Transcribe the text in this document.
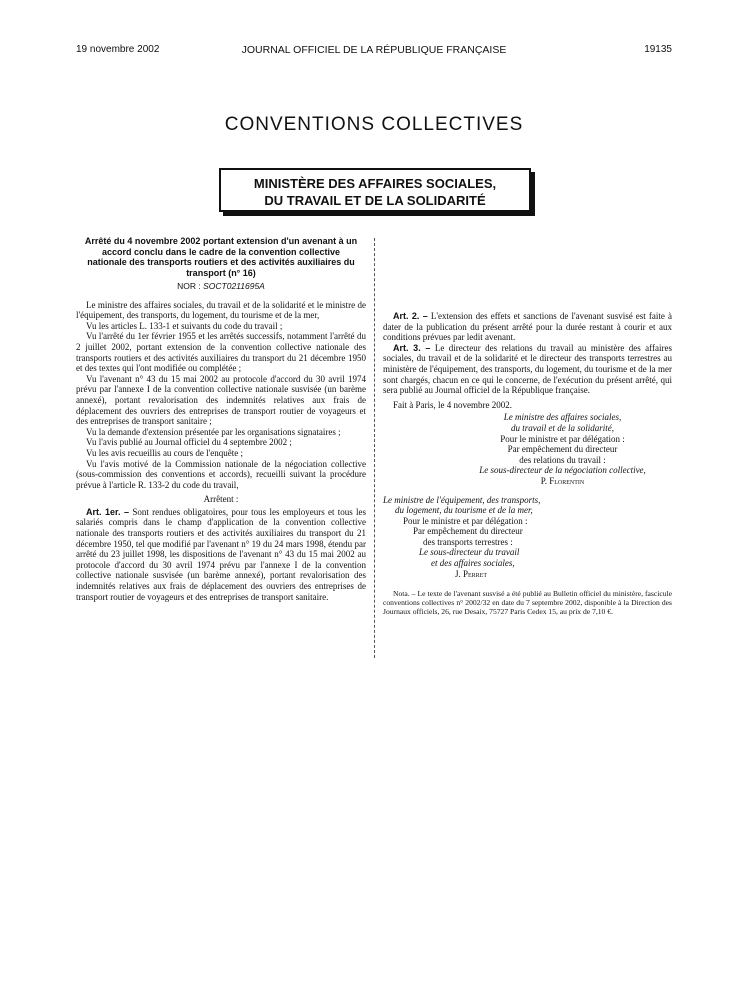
19 novembre 2002	JOURNAL OFFICIEL DE LA RÉPUBLIQUE FRANÇAISE	19135
CONVENTIONS COLLECTIVES
MINISTÈRE DES AFFAIRES SOCIALES,
DU TRAVAIL ET DE LA SOLIDARITÉ
Arrêté du 4 novembre 2002 portant extension d'un avenant à un accord conclu dans le cadre de la convention collective nationale des transports routiers et des activités auxiliaires du transport (n° 16)
NOR : SOCT0211695A

Le ministre des affaires sociales, du travail et de la solidarité et le ministre de l'équipement, des transports, du logement, du tourisme et de la mer,

Vu les articles L. 133-1 et suivants du code du travail ;

Vu l'arrêté du 1er février 1955 et les arrêtés successifs, notamment l'arrêté du 2 juillet 2002, portant extension de la convention collective nationale des transports routiers et des activités auxiliaires du transport du 21 décembre 1950 et des textes qui l'ont modifiée ou complétée ;

Vu l'avenant n° 43 du 15 mai 2002 au protocole d'accord du 30 avril 1974 prévu par l'annexe I de la convention collective nationale susvisée (un barème annexé), portant revalorisation des indemnités relatives aux frais de déplacement des ouvriers des entreprises de transport routier de voyageurs et des entreprises de transport sanitaire ;

Vu la demande d'extension présentée par les organisations signataires ;

Vu l'avis publié au Journal officiel du 4 septembre 2002 ;

Vu les avis recueillis au cours de l'enquête ;

Vu l'avis motivé de la Commission nationale de la négociation collective (sous-commission des conventions et accords), recueilli suivant la procédure prévue à l'article R. 133-2 du code du travail,

Arrêtent :

Art. 1er. – Sont rendues obligatoires, pour tous les employeurs et tous les salariés compris dans le champ d'application de la convention collective nationale des transports routiers et des activités auxiliaires du transport du 21 décembre 1950, tel que modifié par l'avenant n° 19 du 24 mars 1998, étendu par arrêté du 23 juillet 1998, les dispositions de l'avenant n° 43 du 15 mai 2002 au protocole d'accord du 30 avril 1974 prévu par l'annexe I de la convention collective nationale susvisée (un barème annexé), portant revalorisation des indemnités relatives aux frais de déplacement des ouvriers des entreprises de transport routier de voyageurs et des entreprises de transport sanitaire.

Art. 2. – L'extension des effets et sanctions de l'avenant susvisé est faite à dater de la publication du présent arrêté pour la durée restant à courir et aux conditions prévues par ledit avenant.

Art. 3. – Le directeur des relations du travail au ministère des affaires sociales, du travail et de la solidarité et le directeur des transports terrestres au ministère de l'équipement, des transports, du logement, du tourisme et de la mer sont chargés, chacun en ce qui le concerne, de l'exécution du présent arrêté, qui sera publié au Journal officiel de la République française.

Fait à Paris, le 4 novembre 2002.
Le ministre des affaires sociales,
du travail et de la solidarité,
Pour le ministre et par délégation :
Par empêchement du directeur
des relations du travail :
Le sous-directeur de la négociation collective,
P. Florentin
Le ministre de l'équipement, des transports,
du logement, du tourisme et de la mer,
Pour le ministre et par délégation :
Par empêchement du directeur
des transports terrestres :
Le sous-directeur du travail
et des affaires sociales,
J. Perret
Nota. – Le texte de l'avenant susvisé a été publié au Bulletin officiel du ministère, fascicule conventions collectives n° 2002/32 en date du 7 septembre 2002, disponible à la Direction des Journaux officiels, 26, rue Desaix, 75727 Paris Cedex 15, au prix de 7,10 €.
